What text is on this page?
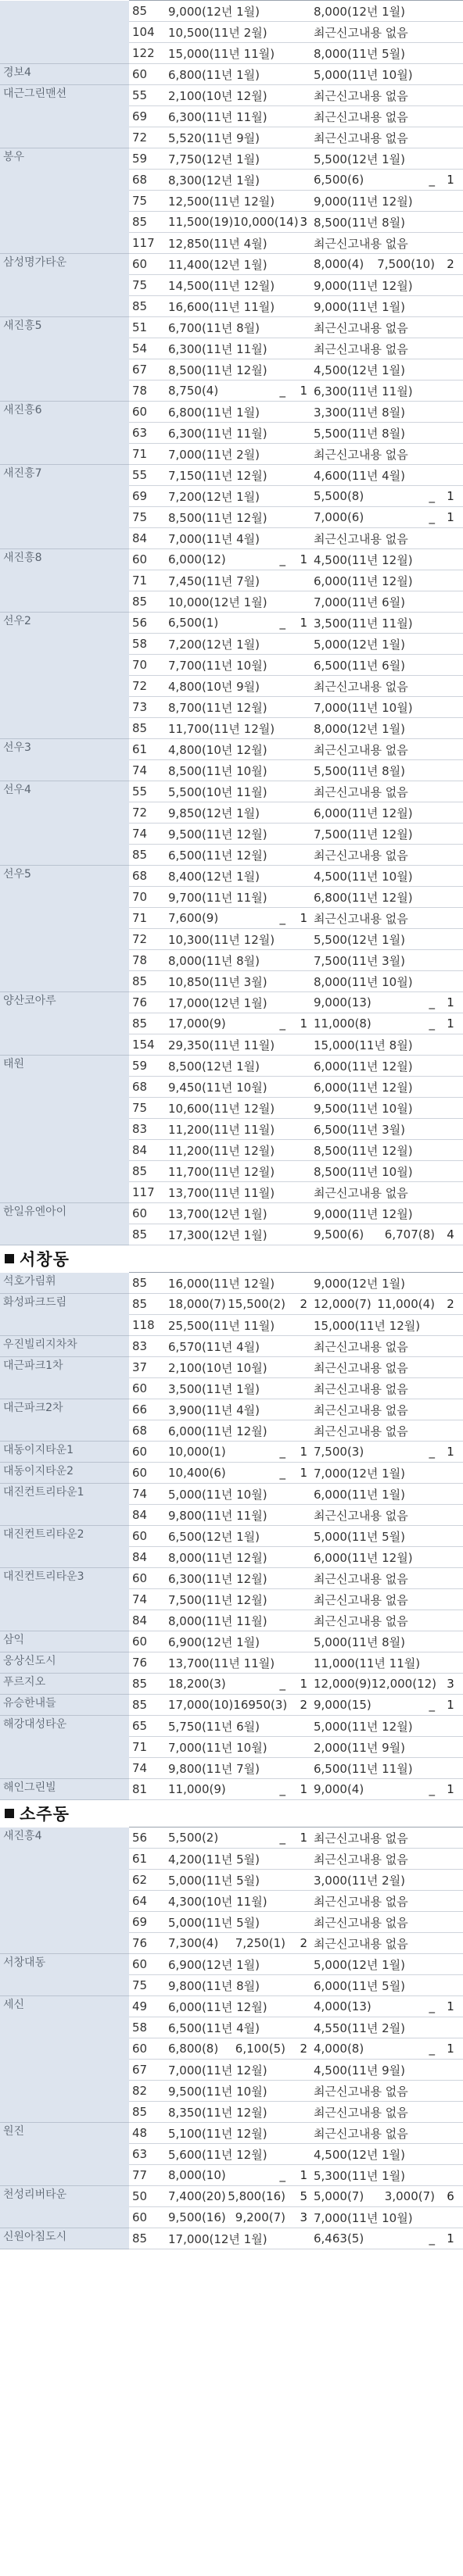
	85	9,000(12년 1월)		8,000(12년 1월)	
	104	10,500(11년 2월)		최근신고내용 없음	
	122	15,000(11년 11월)		8,000(11년 5월)	
경보4	60	6,800(11년 1월)		5,000(11년 10월)	
대근그린맨션	55	2,100(10년 12월)		최근신고내용 없음	
	69	6,300(11년 11월)		최근신고내용 없음	
	72	5,520(11년 9월)		최근신고내용 없음	
봉우	59	7,750(12년 1월)		5,500(12년 1월)	
	68	8,300(12년 1월)		6,500(6) _	1
	75	12,500(11년 12월)		9,000(11년 12월)	
	85	11,500(19) 10,000(14)	3	8,500(11년 8월)	
	117	12,850(11년 4월)		최근신고내용 없음	
삼성명가타운	60	11,400(12년 1월)		8,000(4) 7,500(10)	2
	75	14,500(11년 12월)		9,000(11년 12월)	
	85	16,600(11년 11월)		9,000(11년 1월)	
새진흥5	51	6,700(11년 8월)		최근신고내용 없음	
	54	6,300(11년 11월)		최근신고내용 없음	
	67	8,500(11년 12월)		4,500(12년 1월)	
	78	8,750(4) _	1	6,300(11년 11월)	
새진흥6	60	6,800(11년 1월)		3,300(11년 8월)	
	63	6,300(11년 11월)		5,500(11년 8월)	
	71	7,000(11년 2월)		최근신고내용 없음	
새진흥7	55	7,150(11년 12월)		4,600(11년 4월)	
	69	7,200(12년 1월)		5,500(8) _	1
	75	8,500(11년 12월)		7,000(6) _	1
	84	7,000(11년 4월)		최근신고내용 없음	
새진흥8	60	6,000(12) _	1	4,500(11년 12월)	
	71	7,450(11년 7월)		6,000(11년 12월)	
	85	10,000(12년 1월)		7,000(11년 6월)	
선우2	56	6,500(1) _	1	3,500(11년 11월)	
	58	7,200(12년 1월)		5,000(12년 1월)	
	70	7,700(11년 10월)		6,500(11년 6월)	
	72	4,800(10년 9월)		최근신고내용 없음	
	73	8,700(11년 12월)		7,000(11년 10월)	
	85	11,700(11년 12월)		8,000(12년 1월)	
선우3	61	4,800(10년 12월)		최근신고내용 없음	
	74	8,500(11년 10월)		5,500(11년 8월)	
선우4	55	5,500(10년 11월)		최근신고내용 없음	
	72	9,850(12년 1월)		6,000(11년 12월)	
	74	9,500(11년 12월)		7,500(11년 12월)	
	85	6,500(11년 12월)		최근신고내용 없음	
선우5	68	8,400(12년 1월)		4,500(11년 10월)	
	70	9,700(11년 11월)		6,800(11년 12월)	
	71	7,600(9) _	1	최근신고내용 없음	
	72	10,300(11년 12월)		5,500(12년 1월)	
	78	8,000(11년 8월)		7,500(11년 3월)	
	85	10,850(11년 3월)		8,000(11년 10월)	
양산코아루	76	17,000(12년 1월)		9,000(13) _	1
	85	17,000(9) _	1	11,000(8) _	1
	154	29,350(11년 11월)		15,000(11년 8월)	
태원	59	8,500(12년 1월)		6,000(11년 12월)	
	68	9,450(11년 10월)		6,000(11년 12월)	
	75	10,600(11년 12월)		9,500(11년 10월)	
	83	11,200(11년 11월)		6,500(11년 3월)	
	84	11,200(11년 12월)		8,500(11년 12월)	
	85	11,700(11년 12월)		8,500(11년 10월)	
	117	13,700(11년 11월)		최근신고내용 없음	
한일유엔아이	60	13,700(12년 1월)		9,000(11년 12월)	
	85	17,300(12년 1월)		9,500(6) 6,707(8)	4
서창동
석호가림휘	85	16,000(11년 12월)		9,000(12년 1월)	
화성파크드림	85	18,000(7) 15,500(2)	2	12,000(7) 11,000(4)	2
	118	25,500(11년 11월)		15,000(11년 12월)	
우진빌리지차차	83	6,570(11년 4월)		최근신고내용 없음	
대근파크1차	37	2,100(10년 10월)		최근신고내용 없음	
	60	3,500(11년 1월)		최근신고내용 없음	
대근파크2차	66	3,900(11년 4월)		최근신고내용 없음	
	68	6,000(11년 12월)		최근신고내용 없음	
대동이지타운1	60	10,000(1) _	1	7,500(3) _	1
대동이지타운2	60	10,400(6) _	1	7,000(12년 1월)	
대진컨트리타운1	74	5,000(11년 10월)		6,000(11년 1월)	
	84	9,800(11년 11월)		최근신고내용 없음	
대진컨트리타운2	60	6,500(12년 1월)		5,000(11년 5월)	
	84	8,000(11년 12월)		6,000(11년 12월)	
대진컨트리타운3	60	6,300(11년 12월)		최근신고내용 없음	
	74	7,500(11년 12월)		최근신고내용 없음	
	84	8,000(11년 11월)		최근신고내용 없음	
삼익	60	6,900(12년 1월)		5,000(11년 8월)	
웅상신도시	76	13,700(11년 11월)		11,000(11년 11월)	
푸르지오	85	18,200(3) _	1	12,000(9) 12,000(12)	3
유승한내들	85	17,000(10) 16950(3)	2	9,000(15) _	1
해강대성타운	65	5,750(11년 6월)		5,000(11년 12월)	
	71	7,000(11년 10월)		2,000(11년 9월)	
	74	9,800(11년 7월)		6,500(11년 11월)	
해인그린빌	81	11,000(9) _	1	9,000(4) _	1
소주동
새진흥4	56	5,500(2) _	1	최근신고내용 없음	
	61	4,200(11년 5월)		최근신고내용 없음	
	62	5,000(11년 5월)		3,000(11년 2월)	
	64	4,300(10년 11월)		최근신고내용 없음	
	69	5,000(11년 5월)		최근신고내용 없음	
	76	7,300(4) 7,250(1)	2	최근신고내용 없음	
서창대동	60	6,900(12년 1월)		5,000(12년 1월)	
	75	9,800(11년 8월)		6,000(11년 5월)	
세신	49	6,000(11년 12월)		4,000(13) _	1
	58	6,500(11년 4월)		4,550(11년 2월)	
	60	6,800(8) 6,100(5)	2	4,000(8) _	1
	67	7,000(11년 12월)		4,500(11년 9월)	
	82	9,500(11년 10월)		최근신고내용 없음	
	85	8,350(11년 12월)		최근신고내용 없음	
원진	48	5,100(11년 12월)		최근신고내용 없음	
	63	5,600(11년 12월)		4,500(12년 1월)	
	77	8,000(10) _	1	5,300(11년 1월)	
천성리버타운	50	7,400(20) 5,800(16)	5	5,000(7) 3,000(7)	6
	60	9,500(16) 9,200(7)	3	7,000(11년 10월)	
신원아침도시	85	17,000(12년 1월)		6,463(5) _	1
